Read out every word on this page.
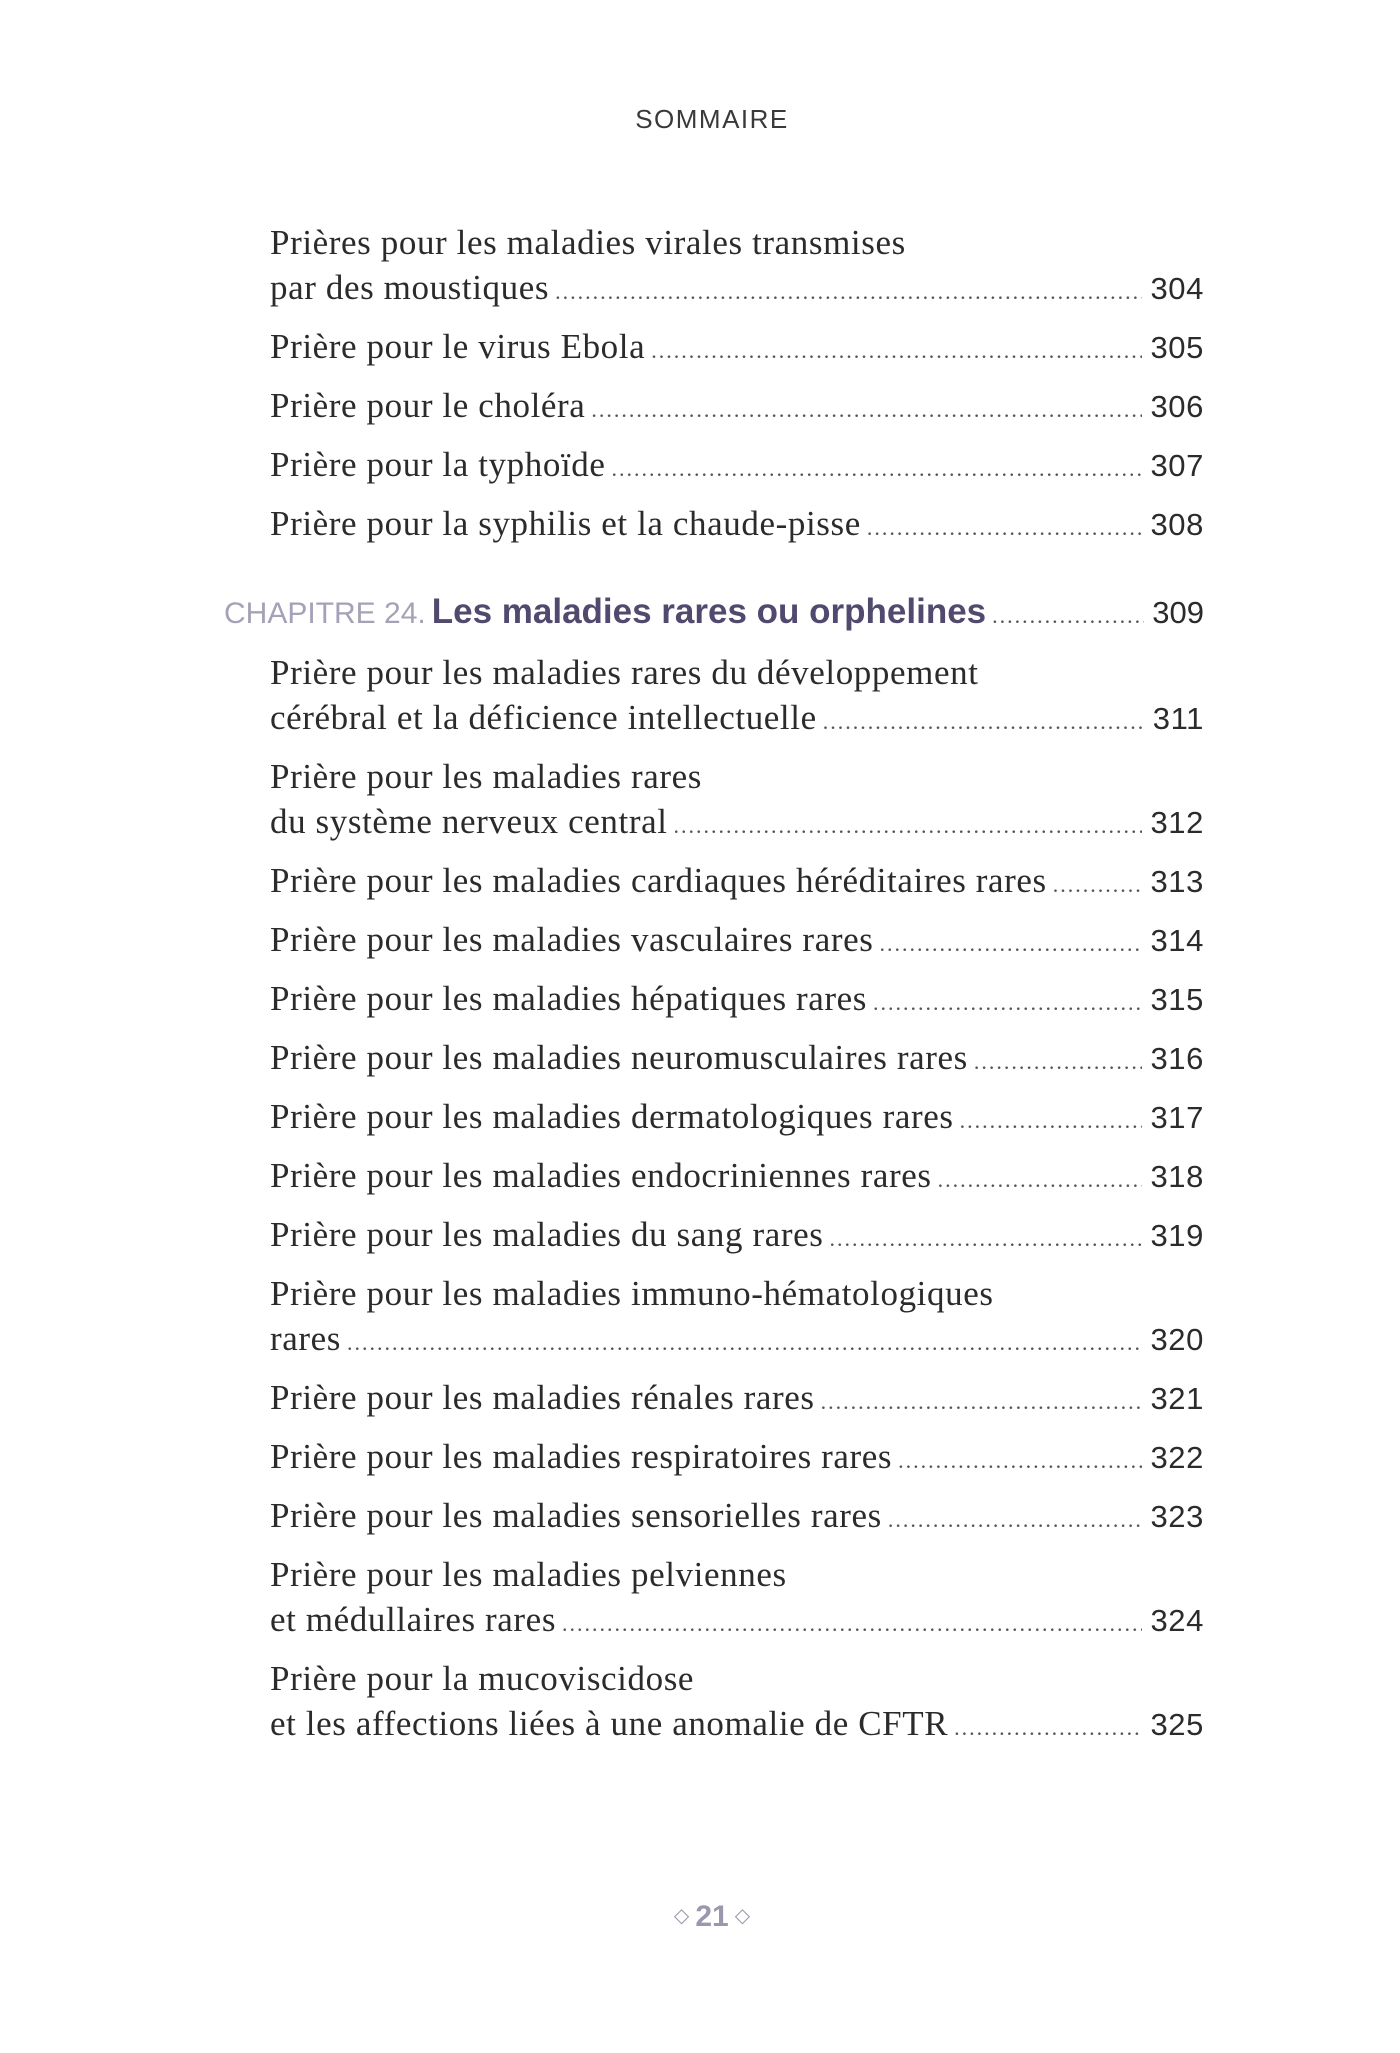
SOMMAIRE
Prières pour les maladies virales transmises
par des moustiques .....	304
Prière pour le virus Ebola .....	305
Prière pour le choléra .....	306
Prière pour la typhoïde .....	307
Prière pour la syphilis et la chaude-pisse .....	308
CHAPITRE 24. Les maladies rares ou orphelines .....	309
Prière pour les maladies rares du développement
cérébral et la déficience intellectuelle .....	311
Prière pour les maladies rares
du système nerveux central .....	312
Prière pour les maladies cardiaques héréditaires rares .....	313
Prière pour les maladies vasculaires rares .....	314
Prière pour les maladies hépatiques rares .....	315
Prière pour les maladies neuromusculaires rares .....	316
Prière pour les maladies dermatologiques rares .....	317
Prière pour les maladies endocriniennes rares .....	318
Prière pour les maladies du sang rares .....	319
Prière pour les maladies immuno-hématologiques
rares .....	320
Prière pour les maladies rénales rares .....	321
Prière pour les maladies respiratoires rares .....	322
Prière pour les maladies sensorielles rares .....	323
Prière pour les maladies pelviennes
et médullaires rares .....	324
Prière pour la mucoviscidose
et les affections liées à une anomalie de CFTR .....	325
◇ 21 ◇
